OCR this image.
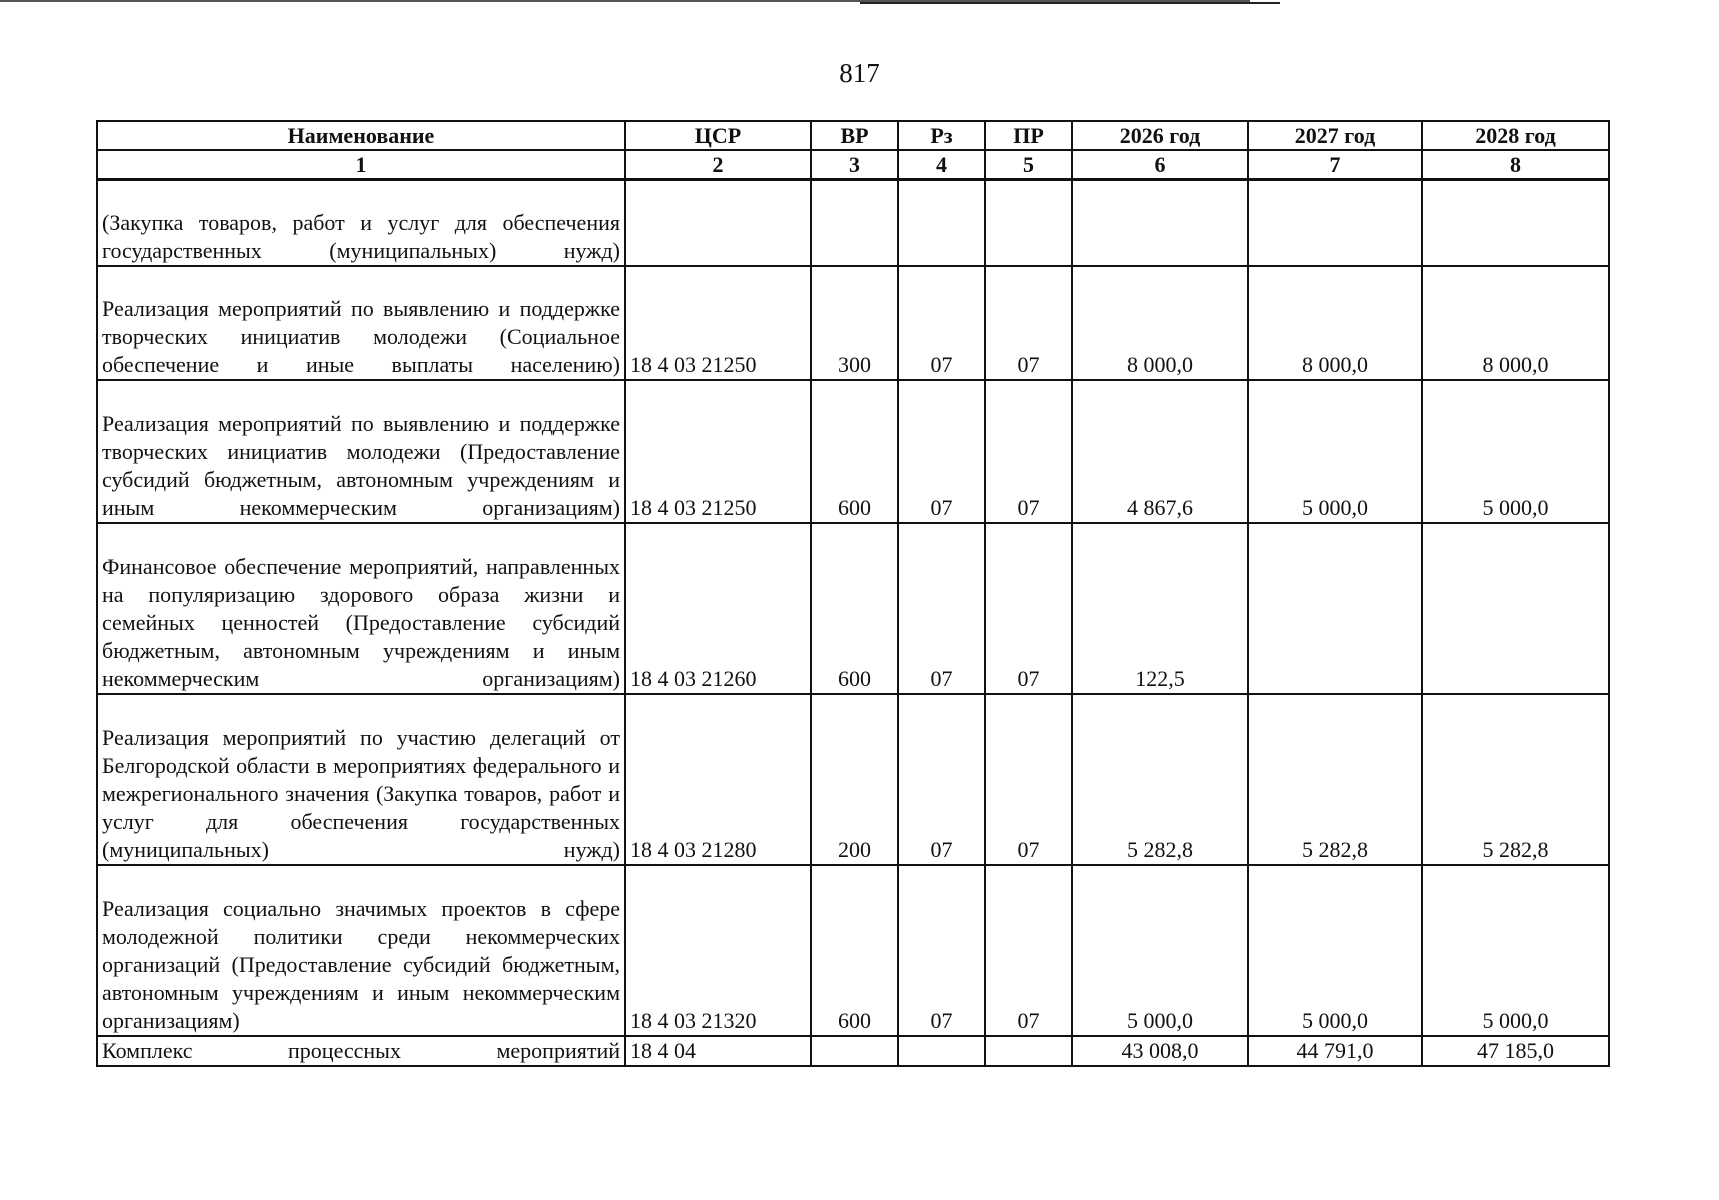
817
Наименование	ЦСР	ВР	Рз	ПР	2026 год	2027 год	2028 год
1	2	3	4	5	6	7	8
(Закупка товаров, работ и услуг для обеспечения государственных (муниципальных) нужд)							
Реализация мероприятий по выявлению и поддержке творческих инициатив молодежи (Социальное обеспечение и иные выплаты населению)	18 4 03 21250	300	07	07	8 000,0	8 000,0	8 000,0
Реализация мероприятий по выявлению и поддержке творческих инициатив молодежи (Предоставление субсидий бюджетным, автономным учреждениям и иным некоммерческим организациям)	18 4 03 21250	600	07	07	4 867,6	5 000,0	5 000,0
Финансовое обеспечение мероприятий, направленных на популяризацию здорового образа жизни и семейных ценностей (Предоставление субсидий бюджетным, автономным учреждениям и иным некоммерческим организациям)	18 4 03 21260	600	07	07	122,5		
Реализация мероприятий по участию делегаций от Белгородской области в мероприятиях федерального и межрегионального значения (Закупка товаров, работ и услуг для обеспечения государственных (муниципальных) нужд)	18 4 03 21280	200	07	07	5 282,8	5 282,8	5 282,8
Реализация социально значимых проектов в сфере молодежной политики среди некоммерческих организаций (Предоставление субсидий бюджетным, автономным учреждениям и иным некоммерческим организациям)	18 4 03 21320	600	07	07	5 000,0	5 000,0	5 000,0
Комплекс процессных мероприятий	18 4 04				43 008,0	44 791,0	47 185,0
